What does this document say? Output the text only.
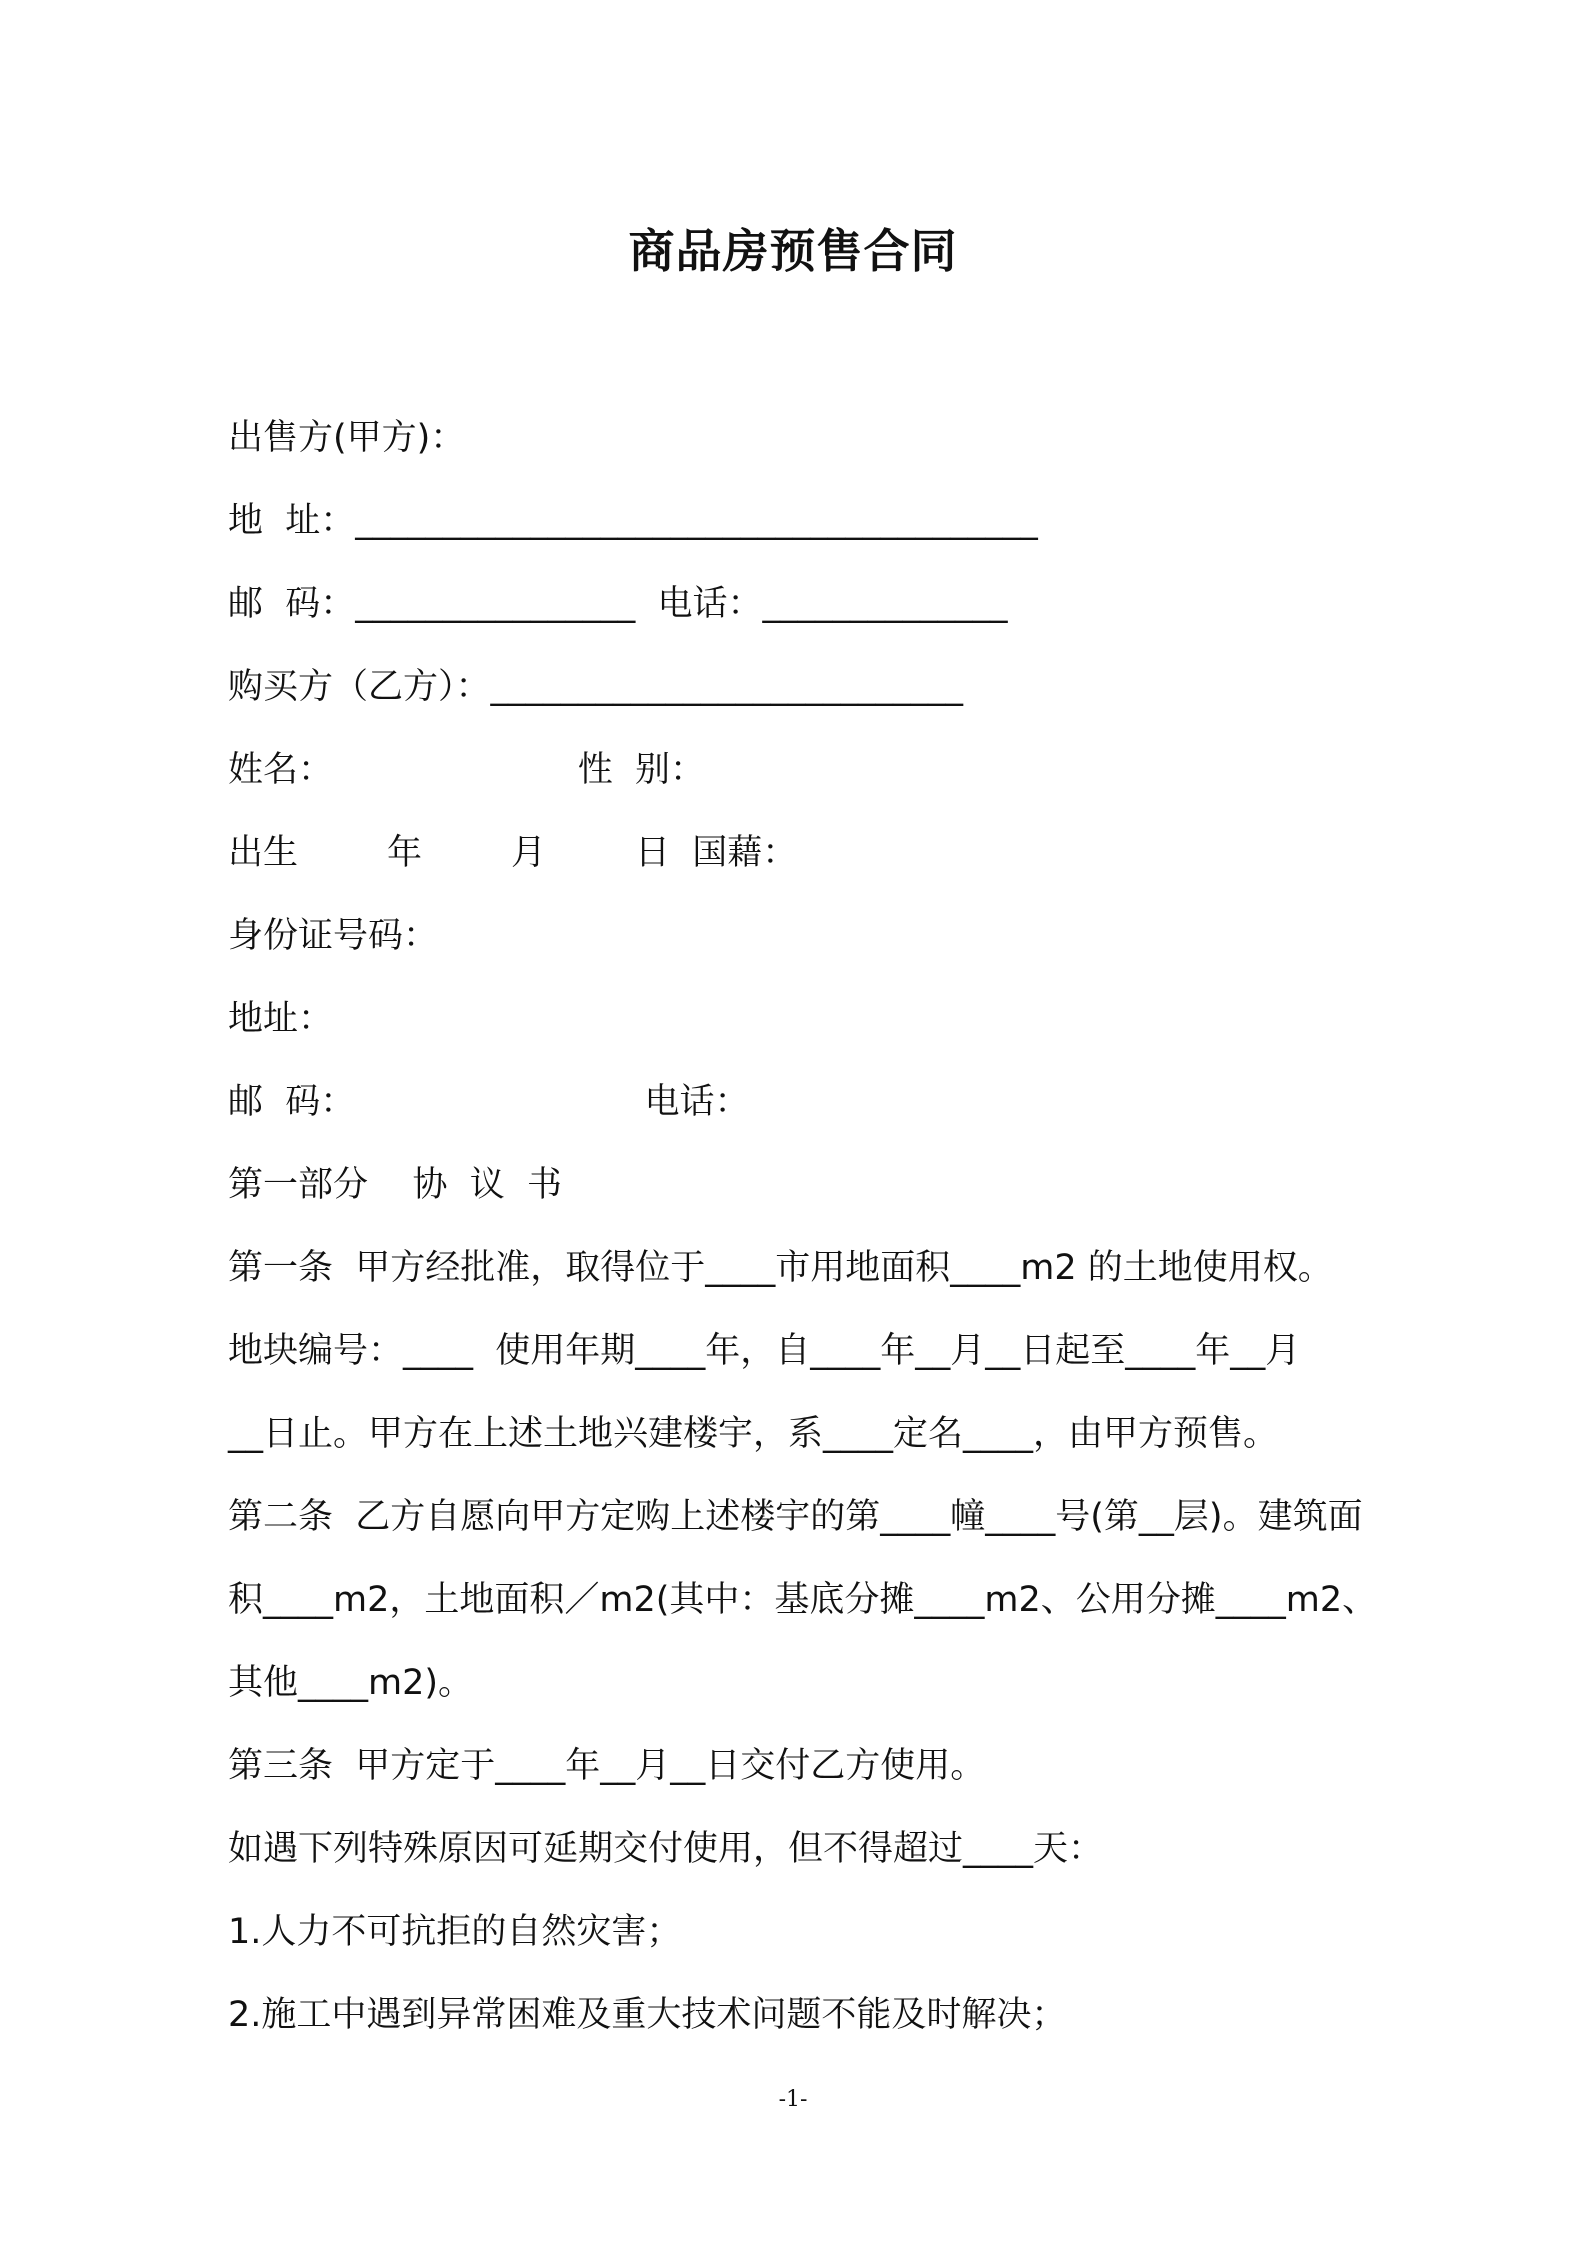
商品房预售合同
出售方(甲方)：
地  址：_______________________________________
邮  码：________________  电话：______________
购买方（乙方）：___________________________
姓名：                      性  别：
出生        年        月        日  国藉：
身份证号码：
地址：
邮  码：                          电话：
第一部分    协  议  书
第一条  甲方经批准，取得位于____市用地面积____m2 的土地使用权。
地块编号：____  使用年期____年，自____年__月__日起至____年__月
__日止。甲方在上述土地兴建楼宇，系____定名____，由甲方预售。
第二条  乙方自愿向甲方定购上述楼宇的第____幢____号(第__层)。建筑面
积____m2，土地面积／m2(其中：基底分摊____m2、公用分摊____m2、
其他____m2)。
第三条  甲方定于____年__月__日交付乙方使用。
如遇下列特殊原因可延期交付使用，但不得超过____天：
1.人力不可抗拒的自然灾害；
2.施工中遇到异常困难及重大技术问题不能及时解决；
-1-
